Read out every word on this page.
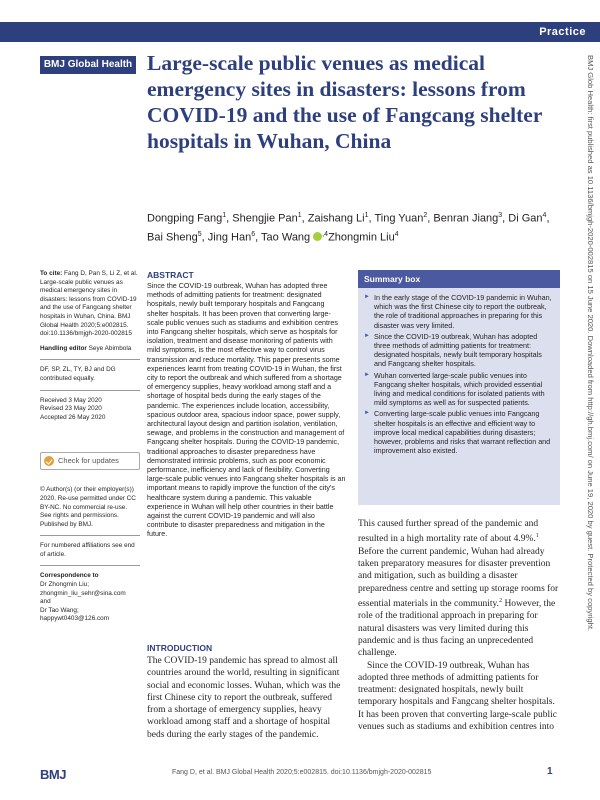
Practice
BMJ Global Health Large-scale public venues as medical emergency sites in disasters: lessons from COVID-19 and the use of Fangcang shelter hospitals in Wuhan, China
Dongping Fang$^1$, Shengjie Pan$^1$, Zaishang Li$^1$, Ting Yuan$^2$, Benran Jiang$^3$, Di Gan$^4$, Bai Sheng$^5$, Jing Han$^6$, Tao Wang $^{,4}$Zhongmin Liu$^4$
To cite: Fang D, Pan S, Li Z, et al. Large-scale public venues as medical emergency sites in disasters: lessons from COVID-19 and the use of Fangcang shelter hospitals in Wuhan, China. BMJ Global Health 2020;5:e002815. doi:10.1136/bmjgh-2020-002815
Handling editor Seye Abimbola
DF, SP, ZL, TY, BJ and DG contributed equally.
Received 3 May 2020
Revised 23 May 2020
Accepted 26 May 2020
Check for updates
© Author(s) (or their employer(s)) 2020. Re-use permitted under CC BY-NC. No commercial re-use. See rights and permissions. Published by BMJ.
For numbered affiliations see end of article.
Correspondence to
Dr Zhongmin Liu; zhongmin_liu_sehr@sina.com
and
Dr Tao Wang; happywt0403@126.com
ABSTRACT

Since the COVID-19 outbreak, Wuhan has adopted three methods of admitting patients for treatment: designated hospitals, newly built temporary hospitals and Fangcang shelter hospitals. It has been proven that converting large-scale public venues such as stadiums and exhibition centres into Fangcang shelter hospitals, which serve as hospitals for isolation, treatment and disease monitoring of patients with mild symptoms, is the most effective way to control virus transmission and reduce mortality. This paper presents some experiences learnt from treating COVID-19 in Wuhan, the first city to report the outbreak and which suffered from a shortage of emergency supplies, heavy workload among staff and a shortage of hospital beds during the early stages of the pandemic. The experiences include location, accessibility, spacious outdoor area, spacious indoor space, power supply, architectural layout design and partition isolation, ventilation, sewage, and problems in the construction and management of Fangcang shelter hospitals. During the COVID-19 pandemic, traditional approaches to disaster preparedness have demonstrated intrinsic problems, such as poor economic performance, inefficiency and lack of flexibility. Converting large-scale public venues into Fangcang shelter hospitals is an important means to rapidly improve the function of the city's healthcare system during a pandemic. This valuable experience in Wuhan will help other countries in their battle against the current COVID-19 pandemic and will also contribute to disaster preparedness and mitigation in the future.

Summary box
► In the early stage of the COVID-19 pandemic in Wuhan, which was the first Chinese city to report the outbreak, the role of traditional approaches in preparing for this disaster was very limited.
► Since the COVID-19 outbreak, Wuhan has adopted three methods of admitting patients for treatment: designated hospitals, newly built temporary hospitals and Fangcang shelter hospitals.
► Wuhan converted large-scale public venues into Fangcang shelter hospitals, which provided essential living and medical conditions for isolated patients with mild symptoms as well as for suspected patients.
► Converting large-scale public venues into Fangcang shelter hospitals is an effective and efficient way to improve local medical capabilities during disasters; however, problems and risks that warrant reflection and improvement also existed.
INTRODUCTION

The COVID-19 pandemic has spread to almost all countries around the world, resulting in significant social and economic losses. Wuhan, which was the first Chinese city to report the outbreak, suffered from a shortage of emergency supplies, heavy workload among staff and a shortage of hospital beds during the early stages of the pandemic.

This caused further spread of the pandemic and resulted in a high mortality rate of about 4.9%.$^1$ Before the current pandemic, Wuhan had already taken preparatory measures for disaster prevention and mitigation, such as building a disaster preparedness centre and setting up storage rooms for essential materials in the community.$^2$ However, the role of the traditional approach in preparing for natural disasters was very limited during this pandemic and is thus facing an unprecedented challenge.

Since the COVID-19 outbreak, Wuhan has adopted three methods of admitting patients for treatment: designated hospitals, newly built temporary hospitals and Fangcang shelter hospitals. It has been proven that converting large-scale public venues such as stadiums and exhibition centres into

BMJ Glob Health: first published as 10.1136/bmjgh-2020-002815 on 15 June 2020. Downloaded from http://gh.bmj.com/ on June 19, 2020 by guest. Protected by copyright.
BMJ	Fang D, et al. BMJ Global Health 2020;5:e002815. doi:10.1136/bmjgh-2020-002815	1
